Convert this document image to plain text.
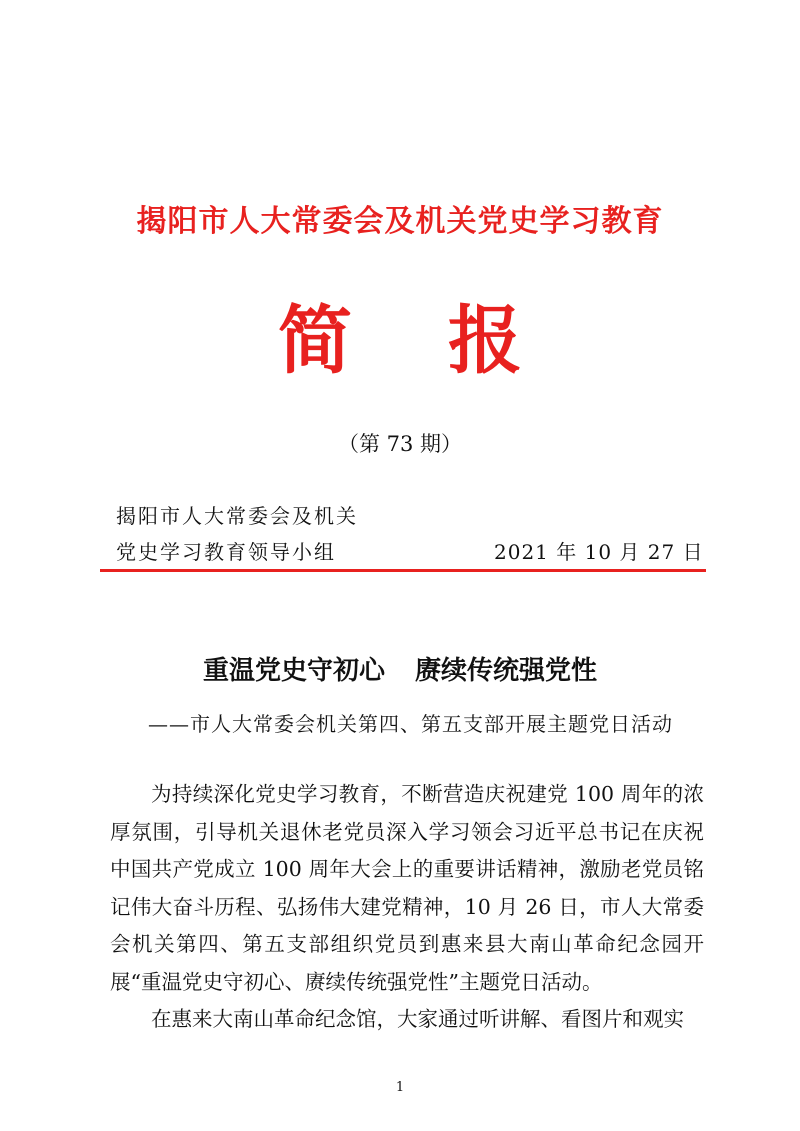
揭阳市人大常委会及机关党史学习教育
简 报
（第 73 期）
揭阳市人大常委会及机关
党史学习教育领导小组	2021 年 10 月 27 日
重温党史守初心 赓续传统强党性
——市人大常委会机关第四、第五支部开展主题党日活动

为持续深化党史学习教育，不断营造庆祝建党 100 周年的浓厚氛围，引导机关退休老党员深入学习领会习近平总书记在庆祝中国共产党成立 100 周年大会上的重要讲话精神，激励老党员铭记伟大奋斗历程、弘扬伟大建党精神，10 月 26 日，市人大常委会机关第四、第五支部组织党员到惠来县大南山革命纪念园开展“重温党史守初心、赓续传统强党性”主题党日活动。

在惠来大南山革命纪念馆，大家通过听讲解、看图片和观实

1
